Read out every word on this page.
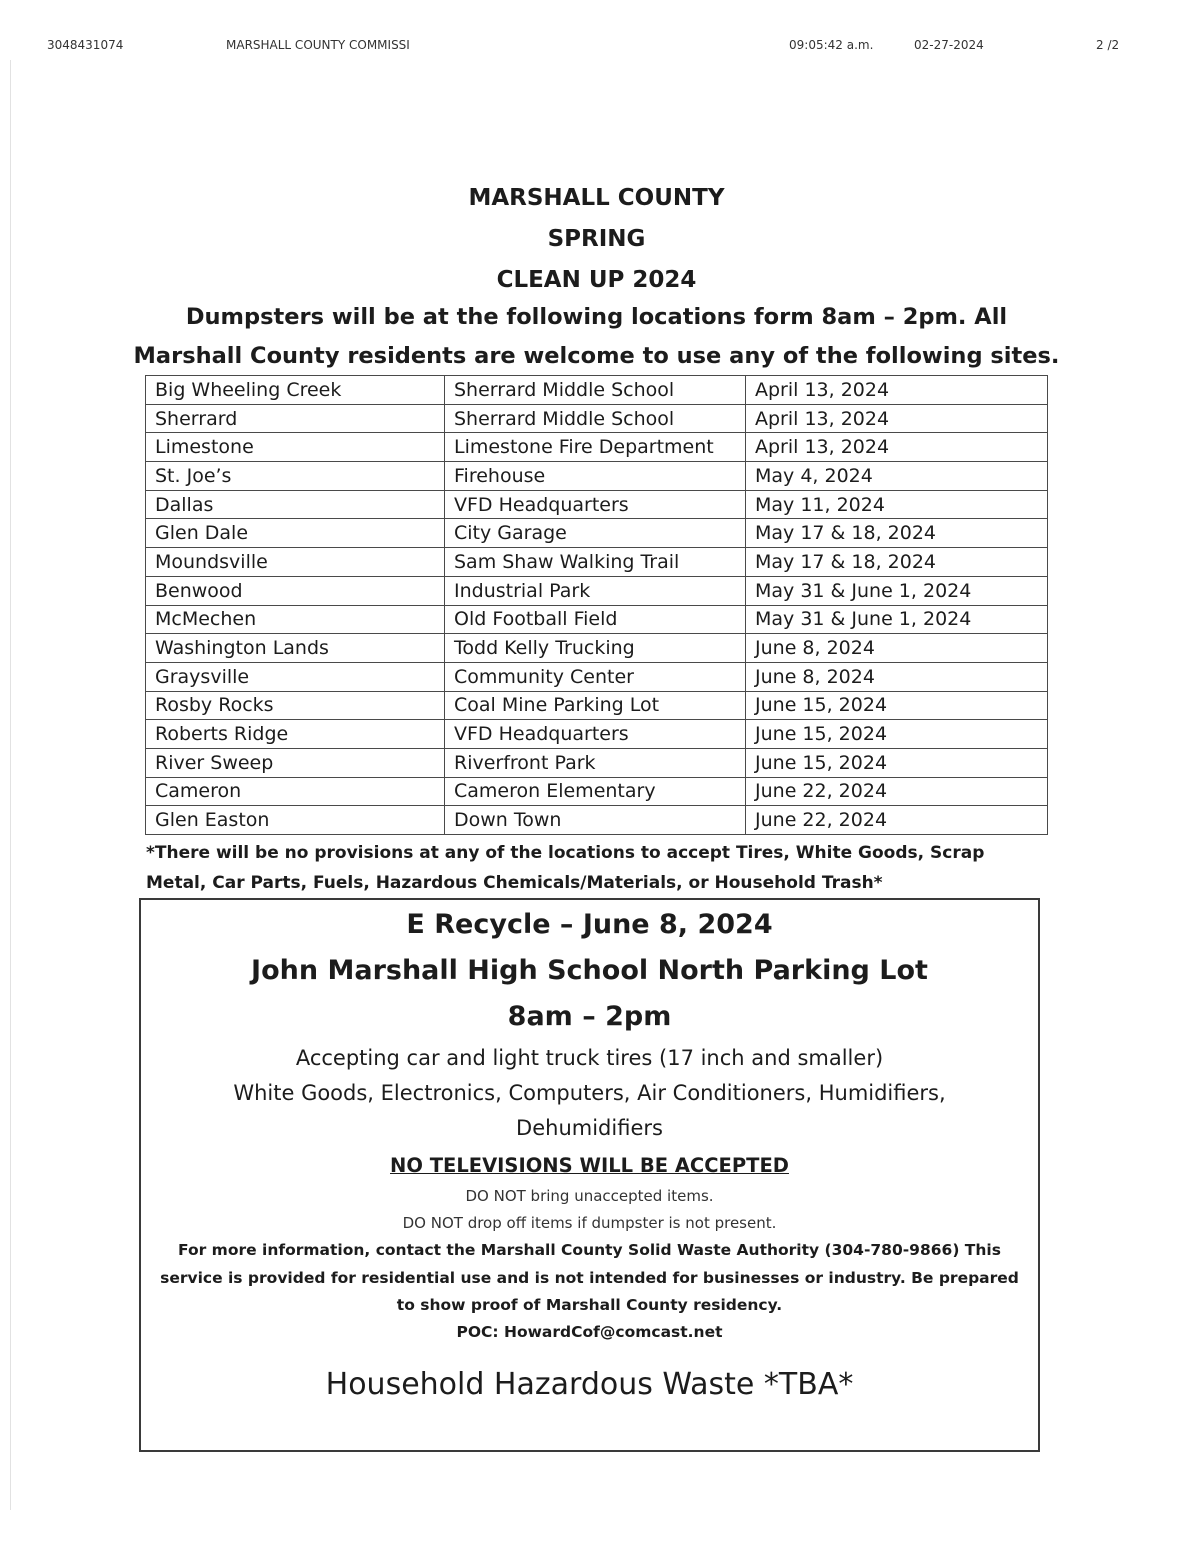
3048431074	MARSHALL COUNTY COMMISSI	09:05:42 a.m.	02-27-2024	2 /2
MARSHALL COUNTY
SPRING
CLEAN UP 2024
Dumpsters will be at the following locations form 8am – 2pm. All
Marshall County residents are welcome to use any of the following sites.
Big Wheeling Creek	Sherrard Middle School	April 13, 2024
Sherrard	Sherrard Middle School	April 13, 2024
Limestone	Limestone Fire Department	April 13, 2024
St. Joe’s	Firehouse	May 4, 2024
Dallas	VFD Headquarters	May 11, 2024
Glen Dale	City Garage	May 17 & 18, 2024
Moundsville	Sam Shaw Walking Trail	May 17 & 18, 2024
Benwood	Industrial Park	May 31 & June 1, 2024
McMechen	Old Football Field	May 31 & June 1, 2024
Washington Lands	Todd Kelly Trucking	June 8, 2024
Graysville	Community Center	June 8, 2024
Rosby Rocks	Coal Mine Parking Lot	June 15, 2024
Roberts Ridge	VFD Headquarters	June 15, 2024
River Sweep	Riverfront Park	June 15, 2024
Cameron	Cameron Elementary	June 22, 2024
Glen Easton	Down Town	June 22, 2024
*There will be no provisions at any of the locations to accept Tires, White Goods, Scrap
Metal, Car Parts, Fuels, Hazardous Chemicals/Materials, or Household Trash*
E Recycle – June 8, 2024
John Marshall High School North Parking Lot
8am – 2pm
Accepting car and light truck tires (17 inch and smaller)
White Goods, Electronics, Computers, Air Conditioners, Humidifiers,
Dehumidifiers
NO TELEVISIONS WILL BE ACCEPTED
DO NOT bring unaccepted items.
DO NOT drop off items if dumpster is not present.
For more information, contact the Marshall County Solid Waste Authority (304-780-9866) This
service is provided for residential use and is not intended for businesses or industry. Be prepared
to show proof of Marshall County residency.
POC: HowardCof@comcast.net
Household Hazardous Waste *TBA*
